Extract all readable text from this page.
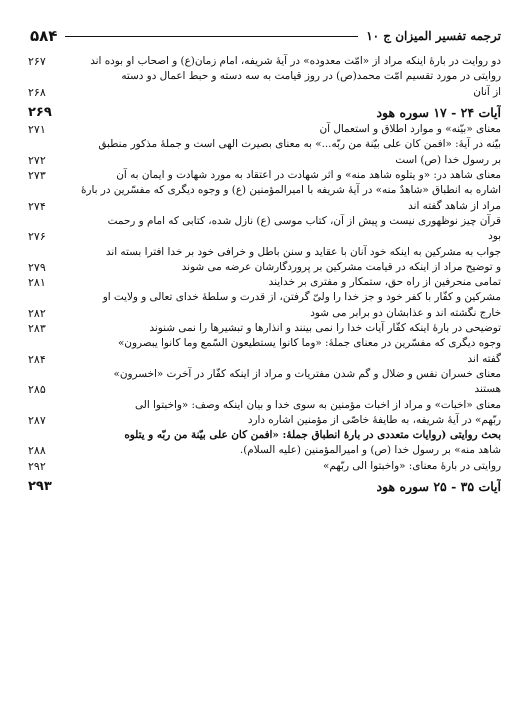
۵۸۴	ترجمه تفسیر المیزان ج ۱۰
دو روایت در بارهٔ اینکه مراد از «امّت معدوده» در آیهٔ شریفه، امام زمان(ع) و اصحاب او بوده اند
۲۶۷
روایتی در مورد تقسیم امّت محمد(ص) در روز قیامت به سه دسته و حبط اعمال دو دسته
از آنان
۲۶۸
آیات ۲۴ - ۱۷ سوره هود
۲۶۹
معنای «بیّنه» و موارد اطلاق و استعمال آن
۲۷۱
بیّنه در آیهٔ: «افمن کان علی بیّنة من ربّه...» به معنای بصیرت الهی است و جملهٔ مذکور منطبق
بر رسول خدا (ص) است
۲۷۲
معنای شاهد در: «و یتلوه شاهد منه» و اثر شهادت در اعتقاد به مورد شهادت و ایمان به آن
۲۷۳
اشاره به انطباق «شاهدٌ منه» در آیهٔ شریفه با امیرالمؤمنین (ع) و وجوه دیگری که مفسّرین در بارهٔ
مراد از شاهد گفته اند
۲۷۴
قرآن چیز نوظهوری نیست و پیش از آن، کتاب موسی (ع) نازل شده، کتابی که امام و رحمت
بود
۲۷۶
جواب به مشرکین به اینکه خود آنان با عقاید و سنن باطل و خرافی خود بر خدا افترا بسته اند
و توضیح مراد از اینکه در قیامت مشرکین بر پروردگارشان عرضه می شوند
۲۷۹
تمامی منحرفین از راه حق، ستمکار و مفتری بر خدایند
۲۸۱
مشرکین و کفّار با کفر خود و جز خدا را ولیّ گرفتن، از قدرت و سلطهٔ خدای تعالی و ولایت او
خارج نگشته اند و عذابشان دو برابر می شود
۲۸۲
توضیحی در بارهٔ اینکه کفّار آیات خدا را نمی بینند و انذارها و تبشیرها را نمی شنوند
۲۸۳
وجوه دیگری که مفسّرین در معنای جملهٔ: «وما کانوا یستطیعون السّمع وما کانوا یبصرون»
گفته اند
۲۸۴
معنای خسران نفس و ضلال و گم شدن مفتریات و مراد از اینکه کفّار در آخرت «اخسرون»
هستند
۲۸۵
معنای «اخبات» و مراد از اخبات مؤمنین به سوی خدا و بیان اینکه وصف: «واخبتوا الی
ربّهم» در آیهٔ شریفه، به طایفهٔ خاصّی از مؤمنین اشاره دارد
۲۸۷
بحث روایتی (روایات متعددی در بارهٔ انطباق جملهٔ: «افمن کان علی بیّنة من ربّه و یتلوه
شاهد منه» بر رسول خدا (ص) و امیرالمؤمنین (علیه السلام).
۲۸۸
روایتی در بارهٔ معنای: «واخبتوا الی ربّهم»
۲۹۲
آیات ۳۵ - ۲۵ سوره هود
۲۹۳
